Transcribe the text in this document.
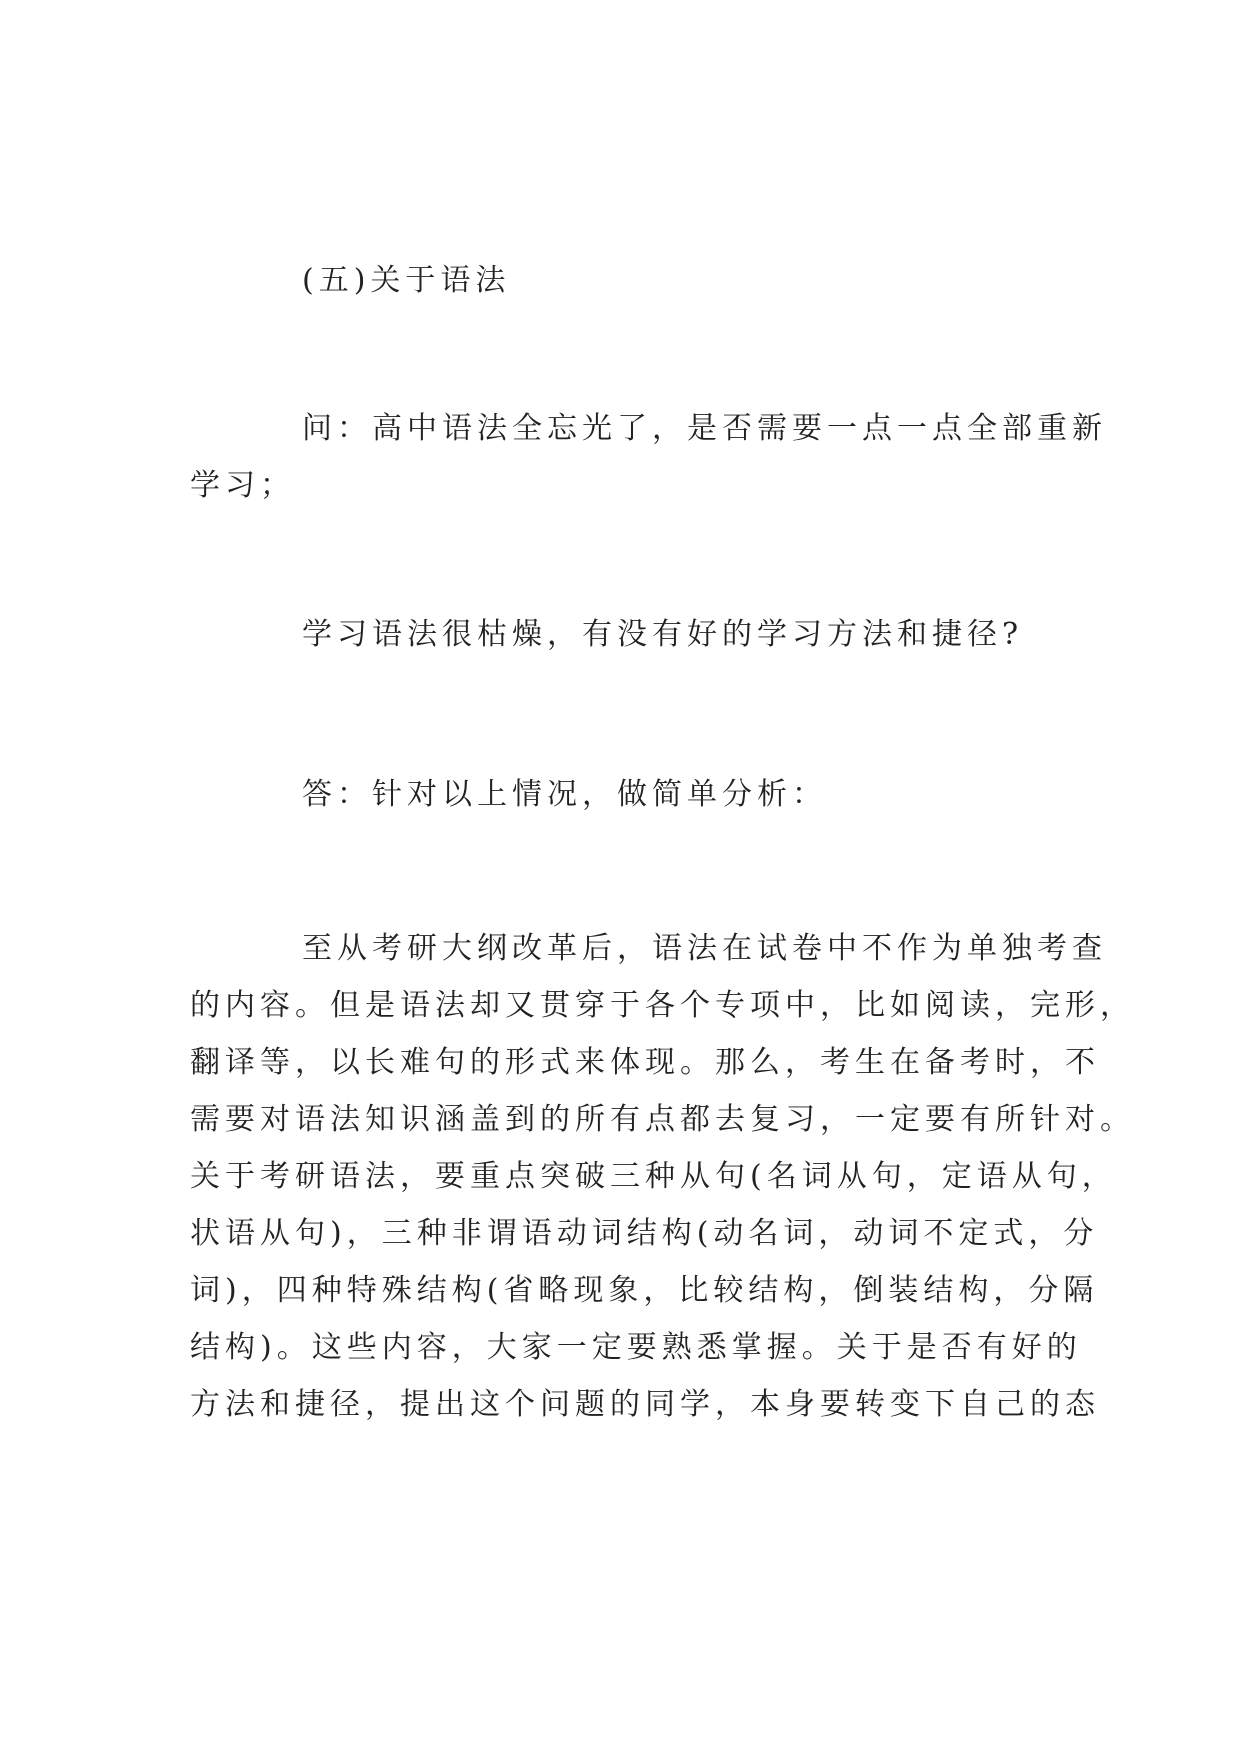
(五)关于语法
问：高中语法全忘光了，是否需要一点一点全部重新
学习；
学习语法很枯燥，有没有好的学习方法和捷径?
答：针对以上情况，做简单分析：
至从考研大纲改革后，语法在试卷中不作为单独考查
的内容。但是语法却又贯穿于各个专项中，比如阅读，完形，
翻译等，以长难句的形式来体现。那么，考生在备考时，不
需要对语法知识涵盖到的所有点都去复习，一定要有所针对。
关于考研语法，要重点突破三种从句(名词从句，定语从句，
状语从句)，三种非谓语动词结构(动名词，动词不定式，分
词)，四种特殊结构(省略现象，比较结构，倒装结构，分隔
结构)。这些内容，大家一定要熟悉掌握。关于是否有好的
方法和捷径，提出这个问题的同学，本身要转变下自己的态
